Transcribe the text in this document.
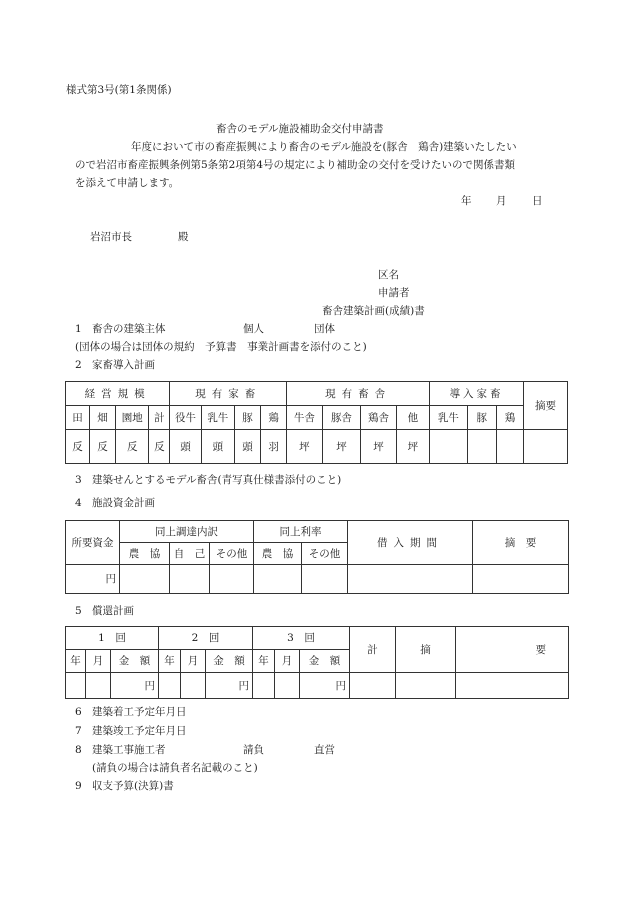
様式第3号(第1条関係)
畜舎のモデル施設補助金交付申請書
年度において市の畜産振興により畜舎のモデル施設を(豚舎　鶏舎)建築いたしたい
ので岩沼市畜産振興条例第5条第2項第4号の規定により補助金の交付を受けたいので関係書類
を添えて申請します。
年 月 日
岩沼市長	殿
区名
申請者
畜舎建築計画(成績)書
1 畜舎の建築主体	個人	団体
(団体の場合は団体の規約　予算書　事業計画書を添付のこと)
2 家畜導入計画
経営規模				現有家畜				現有畜舎				導入家畜			摘要
田	畑	園地	計	役牛	乳牛	豚	鶏	牛舎	豚舎	鶏舎	他	乳牛	豚	鶏	
反	反	反	反	頭	頭	頭	羽	坪	坪	坪	坪				
3 建築せんとするモデル畜舎(青写真仕様書添付のこと)
4 施設資金計画
所要資金	同上調達内訳			同上利率		借入期間	摘　要
	農　協	自　己	その他	農　協	その他		
円							
5 償還計画
1　回			2　回			3　回			計	摘	要
年	月	金　額	年	月	金　額	年	月	金　額			
		円			円			円			
6 建築着工予定年月日
7 建築竣工予定年月日
8 建築工事施工者	請負	直営
(請負の場合は請負者名記載のこと)
9 収支予算(決算)書
